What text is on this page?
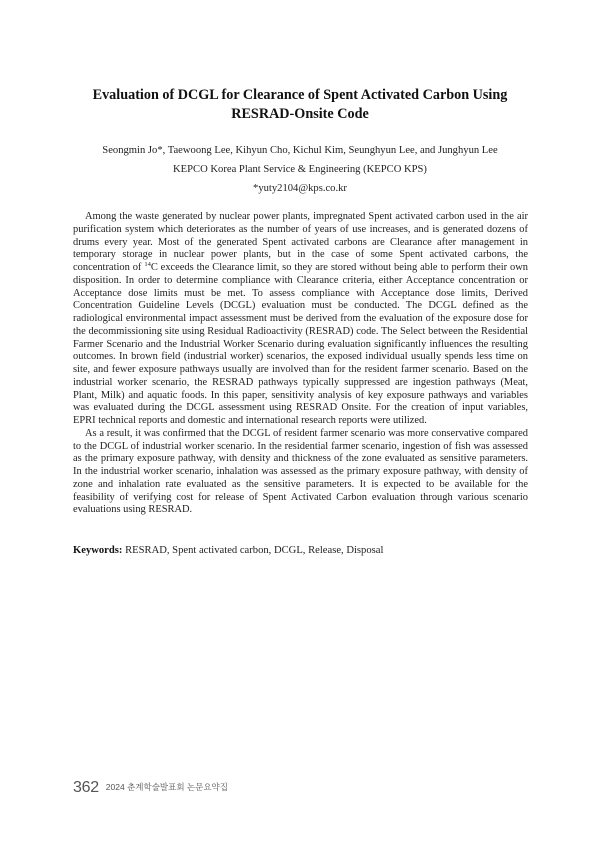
Evaluation of DCGL for Clearance of Spent Activated Carbon Using
RESRAD-Onsite Code
Seongmin Jo*, Taewoong Lee, Kihyun Cho, Kichul Kim, Seunghyun Lee, and Junghyun Lee
KEPCO Korea Plant Service & Engineering (KEPCO KPS)
*yuty2104@kps.co.kr

Among the waste generated by nuclear power plants, impregnated Spent activated carbon used in the air purification system which deteriorates as the number of years of use increases, and is generated dozens of drums every year. Most of the generated Spent activated carbons are Clearance after management in temporary storage in nuclear power plants, but in the case of some Spent activated carbons, the concentration of $^{14}$C exceeds the Clearance limit, so they are stored without being able to perform their own disposition. In order to determine compliance with Clearance criteria, either Acceptance concentration or Acceptance dose limits must be met. To assess compliance with Acceptance dose limits, Derived Concentration Guideline Levels (DCGL) evaluation must be conducted. The DCGL defined as the radiological environmental impact assessment must be derived from the evaluation of the exposure dose for the decommissioning site using Residual Radioactivity (RESRAD) code. The Select between the Residential Farmer Scenario and the Industrial Worker Scenario during evaluation significantly influences the resulting outcomes. In brown field (industrial worker) scenarios, the exposed individual usually spends less time on site, and fewer exposure pathways usually are involved than for the resident farmer scenario. Based on the industrial worker scenario, the RESRAD pathways typically suppressed are ingestion pathways (Meat, Plant, Milk) and aquatic foods. In this paper, sensitivity analysis of key exposure pathways and variables was evaluated during the DCGL assessment using RESRAD Onsite. For the creation of input variables, EPRI technical reports and domestic and international research reports were utilized.

As a result, it was confirmed that the DCGL of resident farmer scenario was more conservative compared to the DCGL of industrial worker scenario. In the residential farmer scenario, ingestion of fish was assessed as the primary exposure pathway, with density and thickness of the zone evaluated as sensitive parameters. In the industrial worker scenario, inhalation was assessed as the primary exposure pathway, with density of zone and inhalation rate evaluated as the sensitive parameters. It is expected to be available for the feasibility of verifying cost for release of Spent Activated Carbon evaluation through various scenario evaluations using RESRAD.

Keywords: RESRAD, Spent activated carbon, DCGL, Release, Disposal
362 2024 춘계학술발표회 논문요약집
